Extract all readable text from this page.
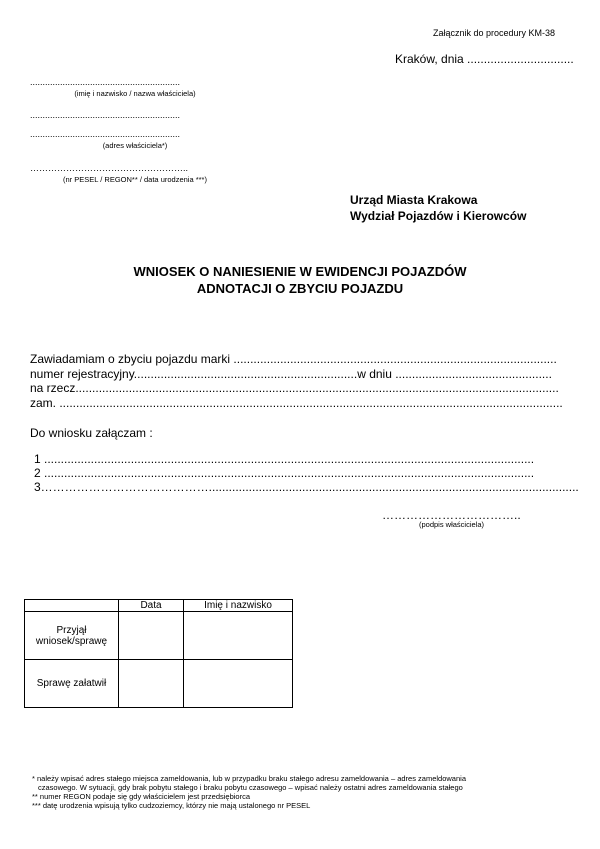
Załącznik do procedury KM-38
Kraków, dnia ................................
............................................................
(imię i nazwisko / nazwa właściciela)
............................................................
............................................................
(adres właściciela*)
……………………………………………..
(nr PESEL / REGON** / data urodzenia ***)
Urząd Miasta Krakowa
Wydział Pojazdów i Kierowców
WNIOSEK O NANIESIENIE W EWIDENCJI POJAZDÓW
ADNOTACJI O ZBYCIU POJAZDU
Zawiadamiam o zbyciu pojazdu marki .................................................................................................
numer rejestracyjny...................................................................w dniu ...............................................
na rzecz.................................................................................................................................................
zam. .......................................................................................................................................................
Do wniosku załączam :
1 ...................................................................................................................................................
2 ...................................................................................................................................................
3……………………………………...............................................................................................................
……………………………..
(podpis właściciela)
	Data	Imię i nazwisko

Przyjął
wniosek/sprawę		

Sprawę załatwił		
* należy wpisać adres stałego miejsca zameldowania, lub w przypadku braku stałego adresu zameldowania – adres zameldowania
czasowego. W sytuacji, gdy brak pobytu stałego i braku pobytu czasowego – wpisać należy ostatni adres zameldowania stałego
** numer REGON podaje się gdy właścicielem jest przedsiębiorca
*** datę urodzenia wpisują tylko cudzoziemcy, którzy nie mają ustalonego nr PESEL
